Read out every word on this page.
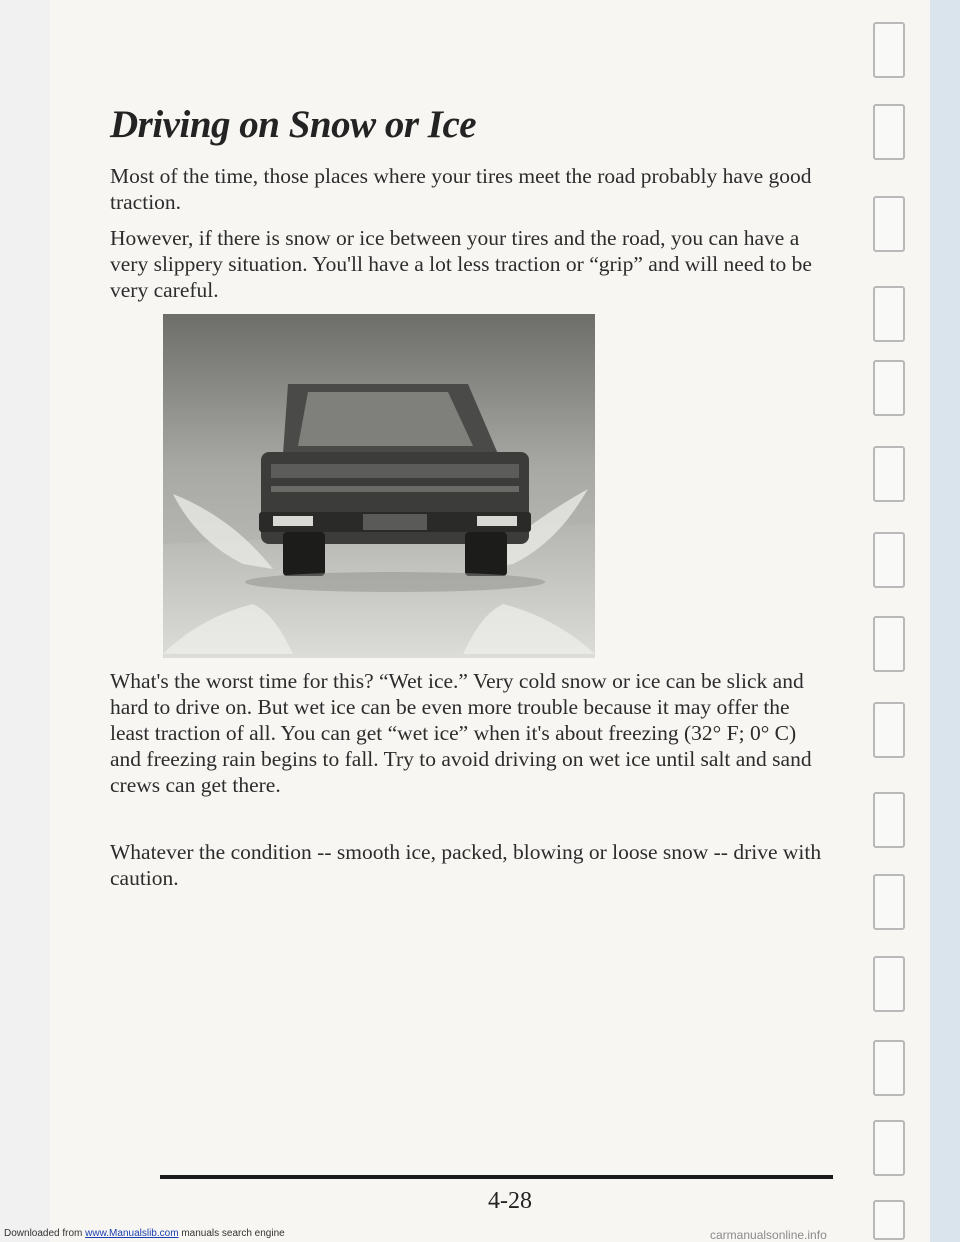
Driving on Snow or Ice

Most of the time, those places where your tires meet the road probably have good traction.

However, if there is snow or ice between your tires and the road, you can have a very slippery situation. You'll have a lot less traction or “grip” and will need to be very careful.

What's the worst time for this? “Wet ice.” Very cold snow or ice can be slick and hard to drive on. But wet ice can be even more trouble because it may offer the least traction of all. You can get “wet ice” when it's about freezing (32° F; 0° C) and freezing rain begins to fall. Try to avoid driving on wet ice until salt and sand crews can get there.

Whatever the condition -- smooth ice, packed, blowing or loose snow -- drive with caution.

4-28
Downloaded from www.Manualslib.com manuals search engine	carmanualsonline.info
